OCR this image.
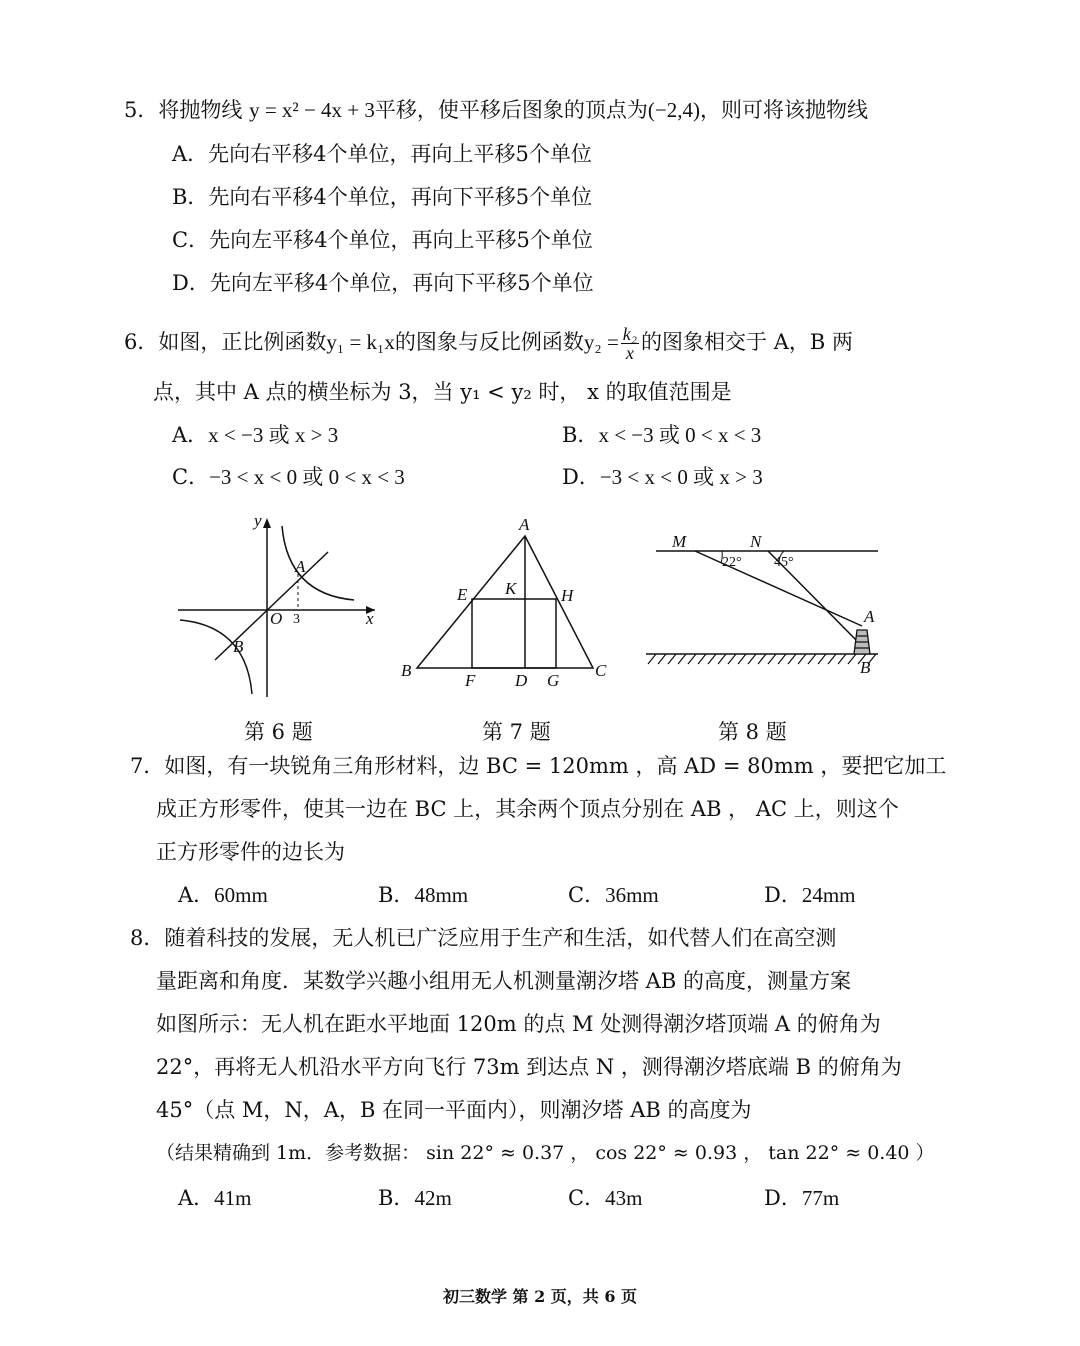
5．将抛物线 y = x² − 4x + 3平移，使平移后图象的顶点为(−2,4)，则可将该抛物线
A．先向右平移4个单位，再向上平移5个单位
B．先向右平移4个单位，再向下平移5个单位
C．先向左平移4个单位，再向上平移5个单位
D．先向左平移4个单位，再向下平移5个单位
6．如图，正比例函数y₁ = k₁x的图象与反比例函数$y_2 = \frac{\text{k₂}}{x}$ 的图象相交于 A，B 两
点，其中 A 点的横坐标为 3，当 y₁ < y₂ 时， x 的取值范围是
A．x < −3 或 x > 3	B．x < −3 或 0 < x < 3
C．−3 < x < 0 或 0 < x < 3	D．−3 < x < 0 或 x > 3
y
x
O 3
A
B
A
B	C
D
E
F	G
H
K
M	N
A
B
22° 45°
第 6 题	第 7 题	第 8 题
7．如图，有一块锐角三角形材料，边 BC = 120mm ，高 AD = 80mm ，要把它加工
成正方形零件，使其一边在 BC 上，其余两个顶点分别在 AB ， AC 上，则这个
正方形零件的边长为
A．60mm	B．48mm	C．36mm	D．24mm
8．随着科技的发展，无人机已广泛应用于生产和生活，如代替人们在高空测
量距离和角度．某数学兴趣小组用无人机测量潮汐塔 AB 的高度，测量方案
如图所示：无人机在距水平地面 120m 的点 M 处测得潮汐塔顶端 A 的俯角为
22°，再将无人机沿水平方向飞行 73m 到达点 N ，测得潮汐塔底端 B 的俯角为
45°（点 M，N，A，B 在同一平面内），则潮汐塔 AB 的高度为
（结果精确到 1m．参考数据： sin 22° ≈ 0.37 ， cos 22° ≈ 0.93 ， tan 22° ≈ 0.40 ）
A．41m	B．42m	C．43m	D．77m
初三数学 第 2 页，共 6 页
